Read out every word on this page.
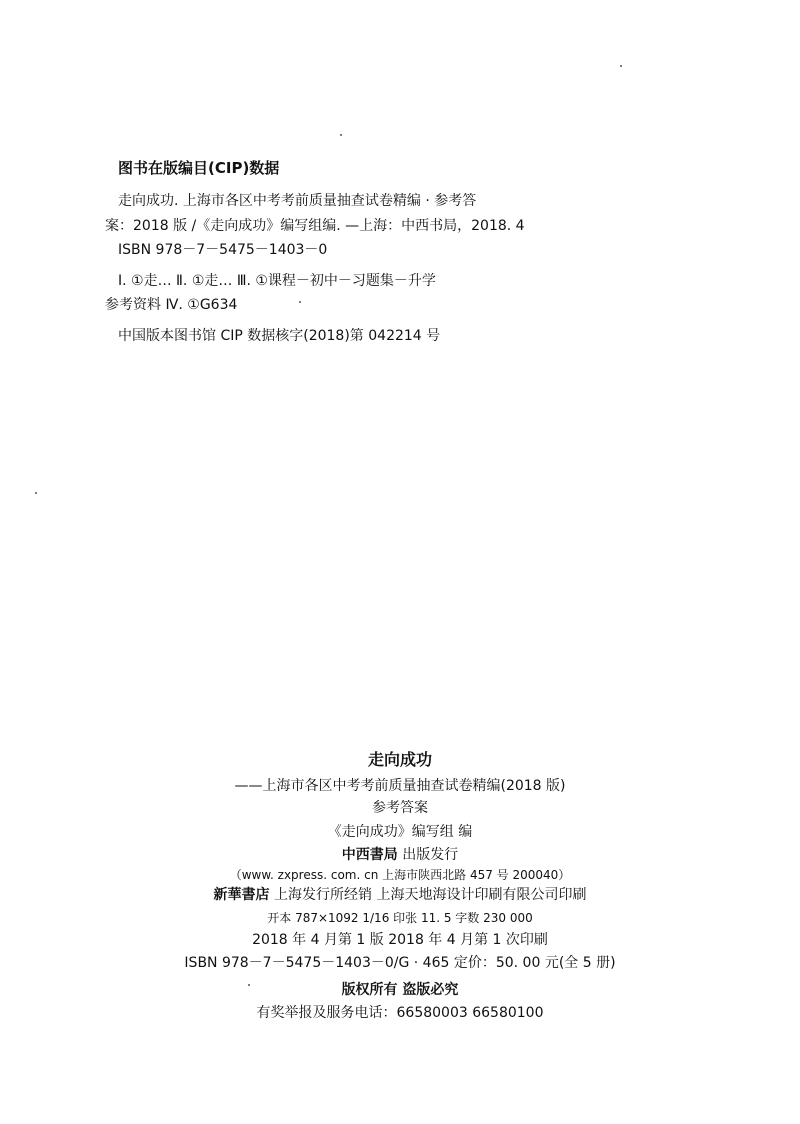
图书在版编目(CIP)数据
走向成功. 上海市各区中考考前质量抽查试卷精编 · 参考答
案：2018 版 /《走向成功》编写组编. —上海：中西书局，2018. 4
ISBN 978－7－5475－1403－0
Ⅰ. ①走… Ⅱ. ①走… Ⅲ. ①课程－初中－习题集－升学
参考资料 Ⅳ. ①G634
中国版本图书馆 CIP 数据核字(2018)第 042214 号
走向成功
——上海市各区中考考前质量抽查试卷精编(2018 版)
参考答案
《走向成功》编写组 编
中西書局 出版发行
（www. zxpress. com. cn 上海市陕西北路 457 号 200040）
新華書店 上海发行所经销 上海天地海设计印刷有限公司印刷
开本 787×1092 1/16 印张 11. 5 字数 230 000
2018 年 4 月第 1 版 2018 年 4 月第 1 次印刷
ISBN 978－7－5475－1403－0/G · 465 定价：50. 00 元(全 5 册)
版权所有 盗版必究
有奖举报及服务电话：66580003 66580100
